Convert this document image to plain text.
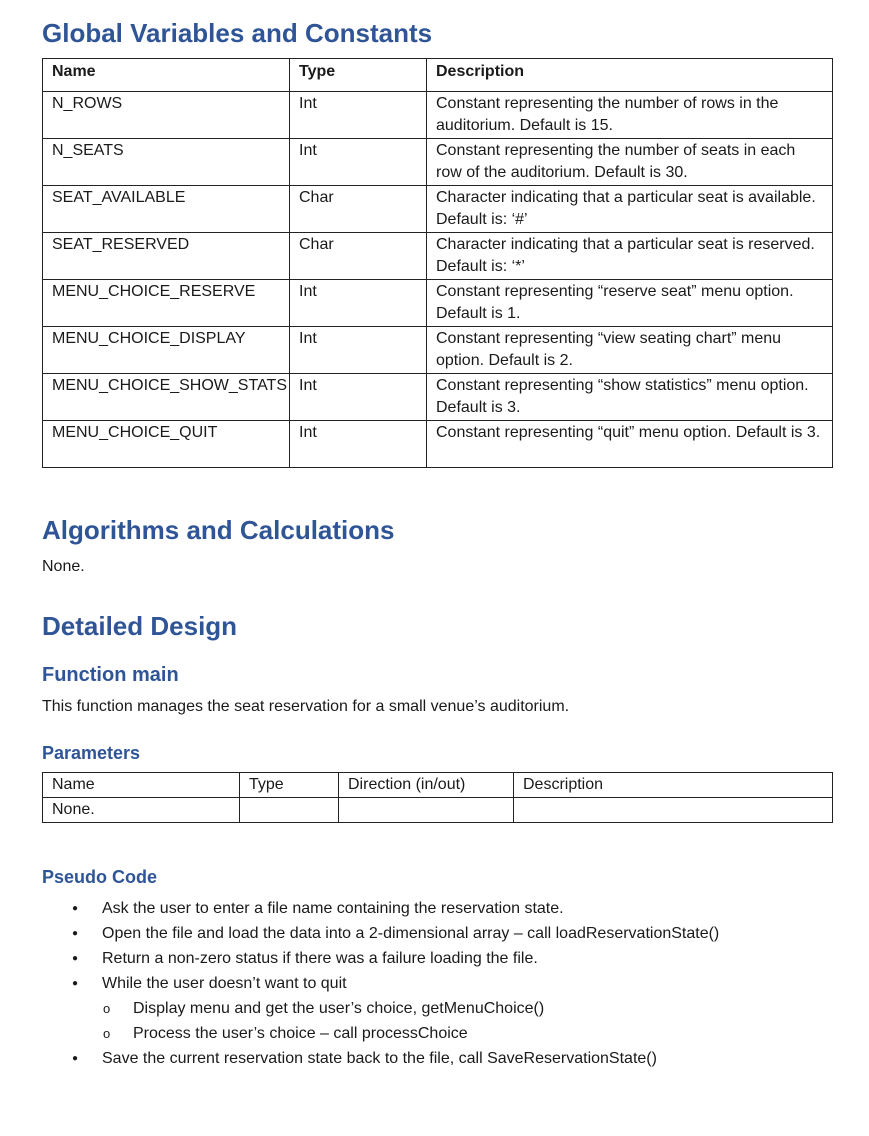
Global Variables and Constants
Name	Type	Description
N_ROWS	Int	Constant representing the number of rows in the auditorium. Default is 15.
N_SEATS	Int	Constant representing the number of seats in each row of the auditorium. Default is 30.
SEAT_AVAILABLE	Char	Character indicating that a particular seat is available. Default is: ‘#’
SEAT_RESERVED	Char	Character indicating that a particular seat is reserved. Default is: ‘*’
MENU_CHOICE_RESERVE	Int	Constant representing “reserve seat” menu option. Default is 1.
MENU_CHOICE_DISPLAY	Int	Constant representing “view seating chart” menu option. Default is 2.
MENU_CHOICE_SHOW_STATS	Int	Constant representing “show statistics” menu option. Default is 3.
MENU_CHOICE_QUIT	Int	Constant representing “quit” menu option. Default is 3.
Algorithms and Calculations

None.

Detailed Design
Function main

This function manages the seat reservation for a small venue’s auditorium.

Parameters
Name	Type	Direction (in/out)	Description
None.			
Pseudo Code
● Ask the user to enter a file name containing the reservation state.
● Open the file and load the data into a 2-dimensional array – call loadReservationState()
● Return a non-zero status if there was a failure loading the file.
● While the user doesn’t want to quit
o Display menu and get the user’s choice, getMenuChoice()
o Process the user’s choice – call processChoice
● Save the current reservation state back to the file, call SaveReservationState()
